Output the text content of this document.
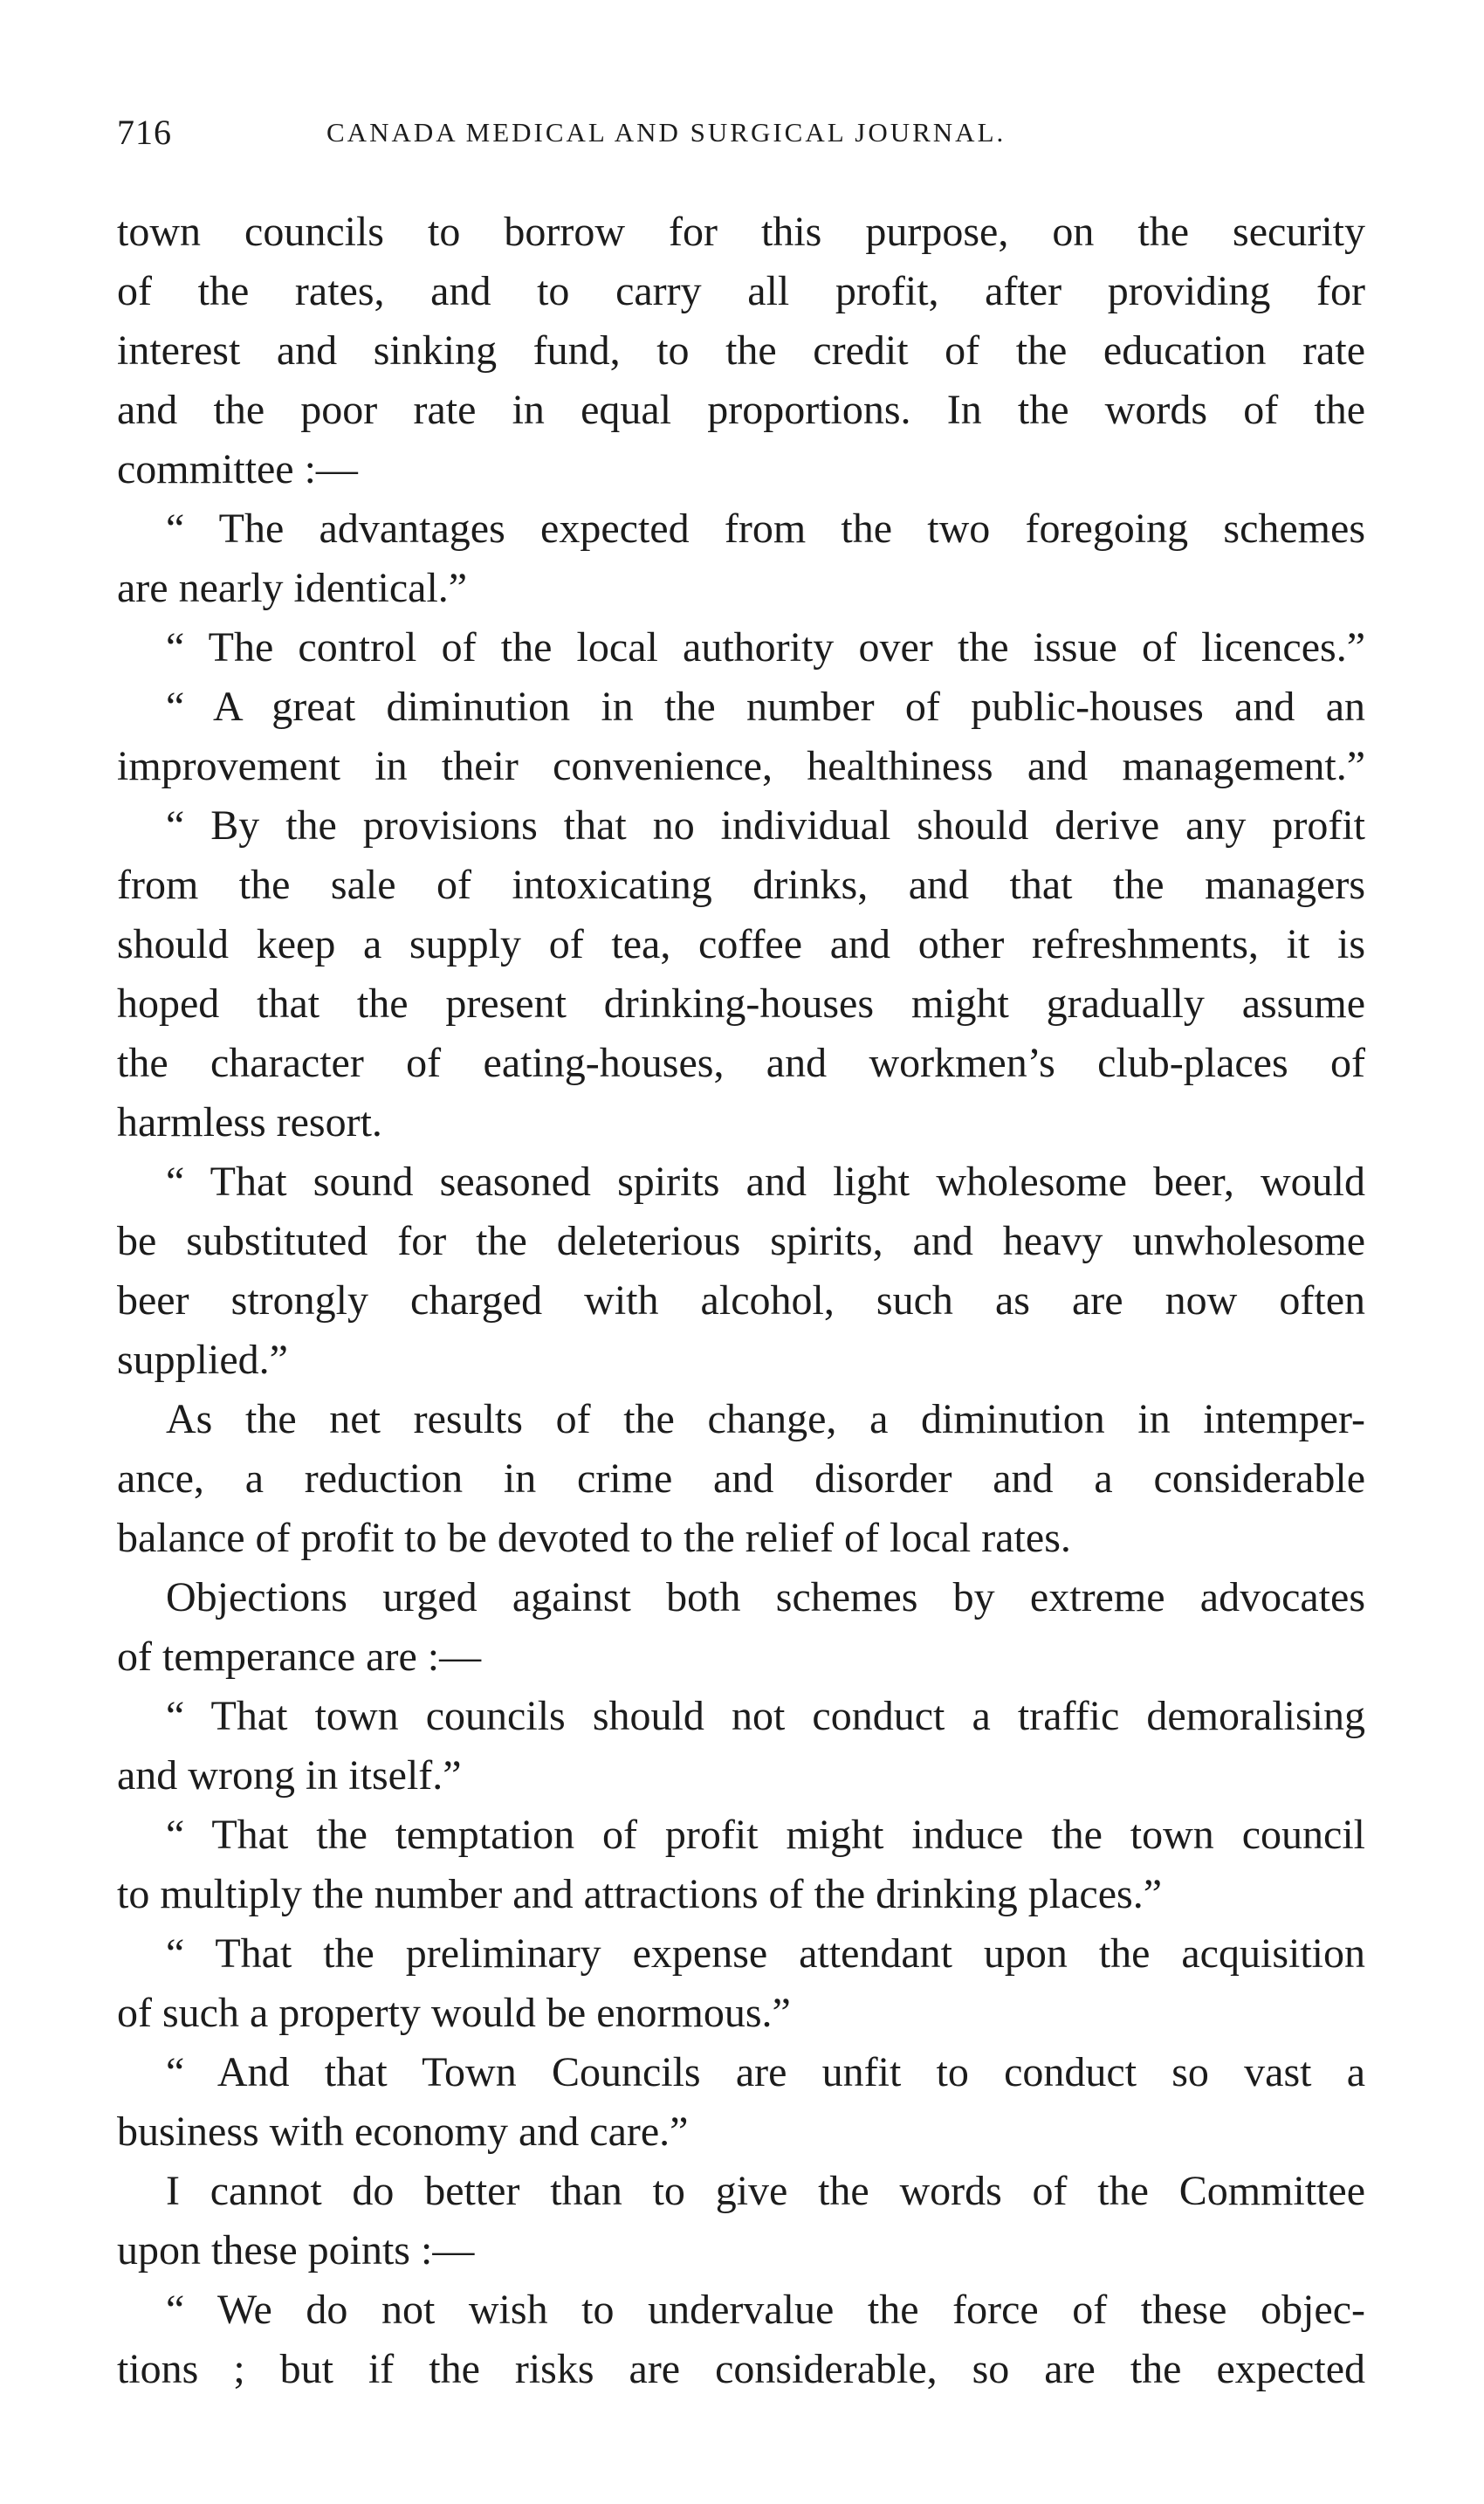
716	CANADA MEDICAL AND SURGICAL JOURNAL.
town councils to borrow for this purpose, on the security
of the rates, and to carry all profit, after providing for
interest and sinking fund, to the credit of the education rate
and the poor rate in equal proportions. In the words of the
committee :—
“ The advantages expected from the two foregoing schemes
are nearly identical.”
“ The control of the local authority over the issue of licences.”
“ A great diminution in the number of public-houses and an
improvement in their convenience, healthiness and management.”
“ By the provisions that no individual should derive any profit
from the sale of intoxicating drinks, and that the managers
should keep a supply of tea, coffee and other refreshments, it is
hoped that the present drinking-houses might gradually assume
the character of eating-houses, and workmen’s club-places of
harmless resort.
“ That sound seasoned spirits and light wholesome beer, would
be substituted for the deleterious spirits, and heavy unwholesome
beer strongly charged with alcohol, such as are now often
supplied.”
As the net results of the change, a diminution in intemper-
ance, a reduction in crime and disorder and a considerable
balance of profit to be devoted to the relief of local rates.
Objections urged against both schemes by extreme advocates
of temperance are :—
“ That town councils should not conduct a traffic demoralising
and wrong in itself.”
“ That the temptation of profit might induce the town council
to multiply the number and attractions of the drinking places.”
“ That the preliminary expense attendant upon the acquisition
of such a property would be enormous.”
“ And that Town Councils are unfit to conduct so vast a
business with economy and care.”
I cannot do better than to give the words of the Committee
upon these points :—
“ We do not wish to undervalue the force of these objec-
tions ; but if the risks are considerable, so are the expected
